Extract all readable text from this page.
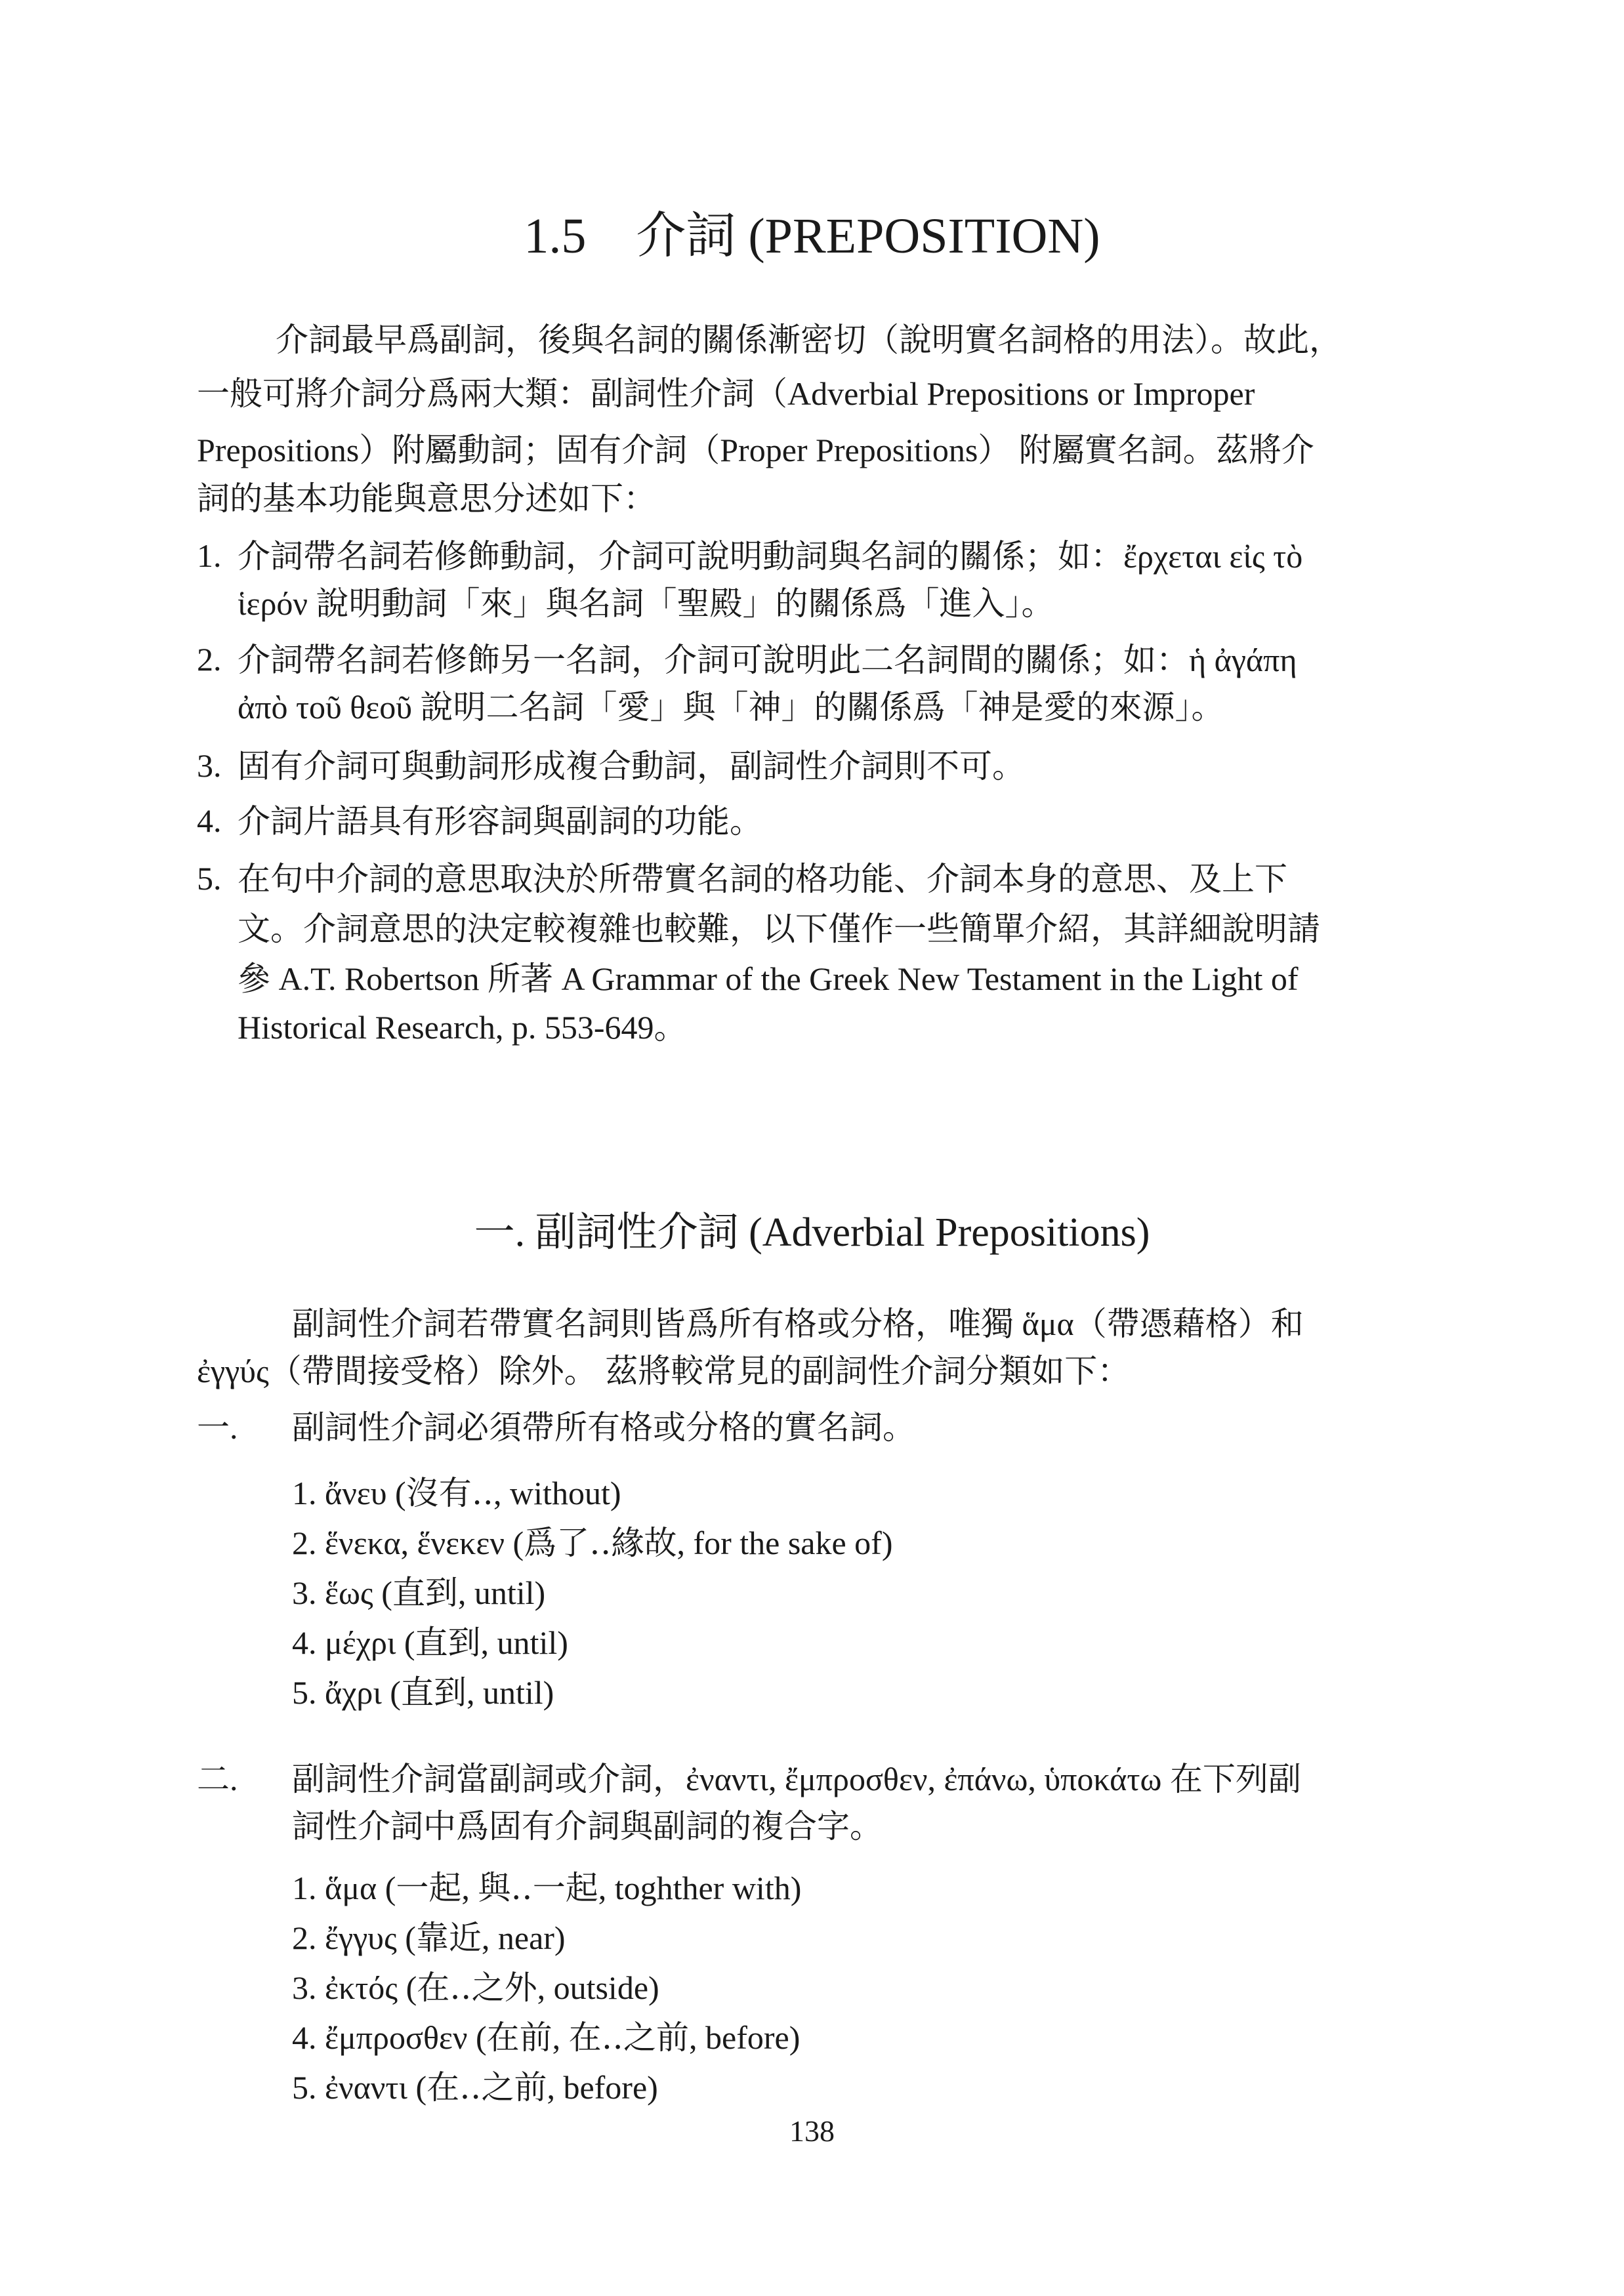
1.5　介詞 (PREPOSITION)
介詞最早爲副詞，後與名詞的關係漸密切（說明實名詞格的用法）。故此，
一般可將介詞分爲兩大類：副詞性介詞（Adverbial Prepositions or Improper
Prepositions）附屬動詞；固有介詞（Proper Prepositions） 附屬實名詞。茲將介
詞的基本功能與意思分述如下：
1. 介詞帶名詞若修飾動詞，介詞可說明動詞與名詞的關係；如：ἔρχεται εἰς τὸ
ἱερόν 說明動詞「來」與名詞「聖殿」的關係爲「進入」。
2. 介詞帶名詞若修飾另一名詞，介詞可說明此二名詞間的關係；如：ἡ ἀγάπη
ἀπὸ τοῦ θεοῦ 說明二名詞「愛」與「神」的關係爲「神是愛的來源」。
3. 固有介詞可與動詞形成複合動詞，副詞性介詞則不可。
4. 介詞片語具有形容詞與副詞的功能。
5. 在句中介詞的意思取決於所帶實名詞的格功能、介詞本身的意思、及上下
文。介詞意思的決定較複雜也較難，以下僅作一些簡單介紹，其詳細說明請
參 A.T. Robertson 所著 A Grammar of the Greek New Testament in the Light of
Historical Research, p. 553-649。
一. 副詞性介詞 (Adverbial Prepositions)
副詞性介詞若帶實名詞則皆爲所有格或分格，唯獨 ἅμα（帶憑藉格）和
ἐγγύς（帶間接受格）除外。 茲將較常見的副詞性介詞分類如下：
一. 副詞性介詞必須帶所有格或分格的實名詞。
1. ἄνευ (沒有‥, without)
2. ἕνεκα, ἕνεκεν (爲了‥緣故, for the sake of)
3. ἕως (直到, until)
4. μέχρι (直到, until)
5. ἄχρι (直到, until)
二. 副詞性介詞當副詞或介詞，ἐναντι, ἔμπροσθεν, ἐπάνω, ὑποκάτω 在下列副
詞性介詞中爲固有介詞與副詞的複合字。
1. ἅμα (一起, 與‥一起, toghther with)
2. ἔγγυς (靠近, near)
3. ἐκτός (在‥之外, outside)
4. ἔμπροσθεν (在前, 在‥之前, before)
5. ἐναντι (在‥之前, before)
138
